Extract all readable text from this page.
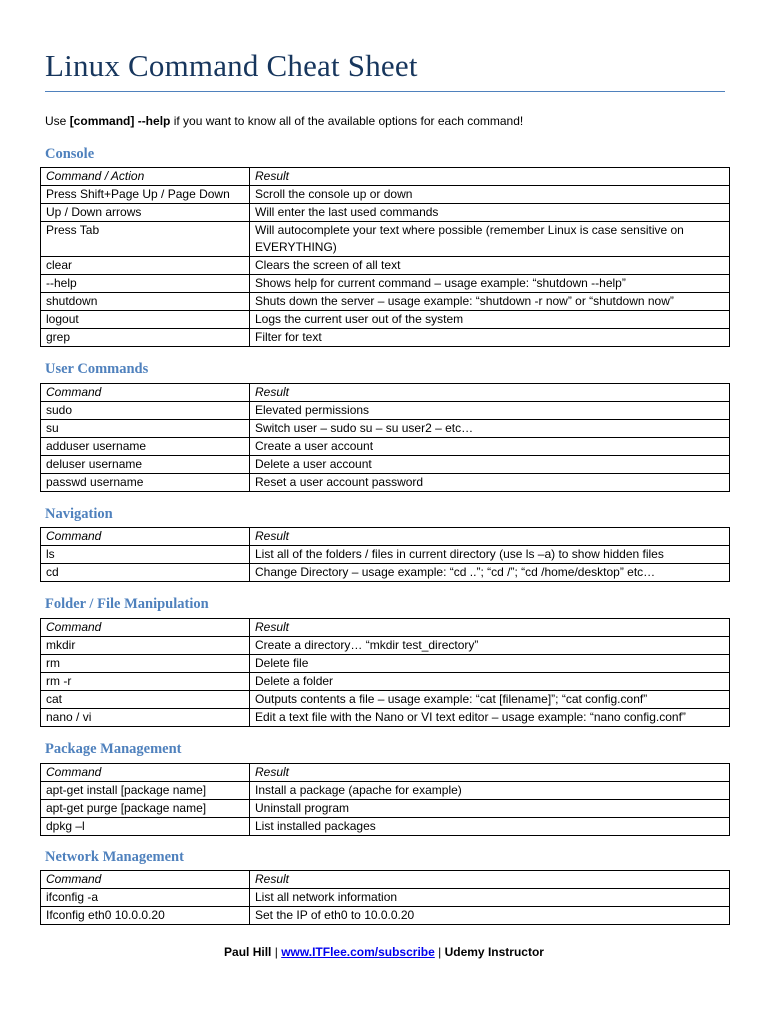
Linux Command Cheat Sheet
Use [command] --help if you want to know all of the available options for each command!
Console
Command / Action	Result
Press Shift+Page Up / Page Down	Scroll the console up or down
Up / Down arrows	Will enter the last used commands
Press Tab	Will autocomplete your text where possible (remember Linux is case sensitive on EVERYTHING)
clear	Clears the screen of all text
--help	Shows help for current command – usage example: “shutdown --help”
shutdown	Shuts down the server – usage example: “shutdown -r now” or “shutdown now”
logout	Logs the current user out of the system
grep	Filter for text
User Commands
Command	Result
sudo	Elevated permissions
su	Switch user – sudo su – su user2 – etc…
adduser username	Create a user account
deluser username	Delete a user account
passwd username	Reset a user account password
Navigation
Command	Result
ls	List all of the folders / files in current directory (use ls –a) to show hidden files
cd	Change Directory – usage example: “cd ..”; “cd /”; “cd /home/desktop” etc…
Folder / File Manipulation
Command	Result
mkdir	Create a directory… “mkdir test_directory”
rm	Delete file
rm -r	Delete a folder
cat	Outputs contents a file – usage example: “cat [filename]”; “cat config.conf”
nano / vi	Edit a text file with the Nano or VI text editor – usage example: “nano config.conf”
Package Management
Command	Result
apt-get install [package name]	Install a package (apache for example)
apt-get purge [package name]	Uninstall program
dpkg –l	List installed packages
Network Management
Command	Result
ifconfig -a	List all network information
Ifconfig eth0 10.0.0.20	Set the IP of eth0 to 10.0.0.20
Paul Hill | www.ITFlee.com/subscribe | Udemy Instructor
